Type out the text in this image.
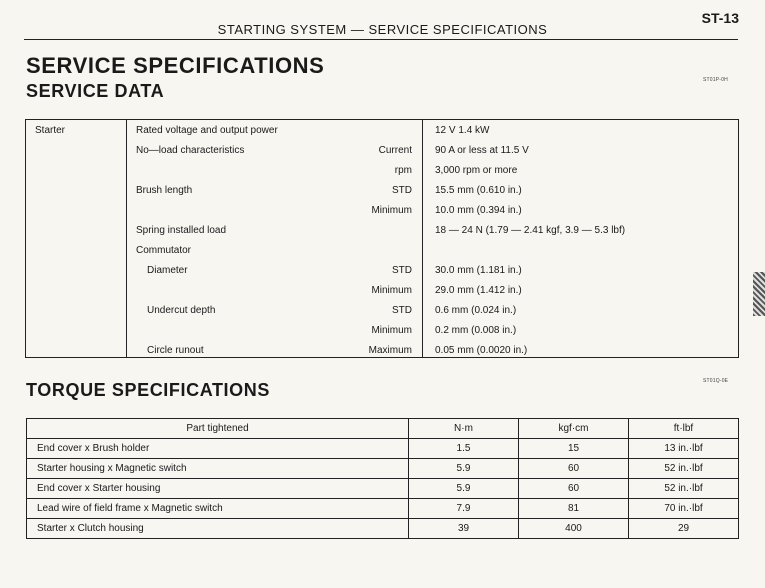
STARTING SYSTEM — SERVICE SPECIFICATIONS
ST-13
SERVICE SPECIFICATIONS
SERVICE DATA
ST01P-0H
Starter	Rated voltage and output power	12 V 1.4 kW
No—load characteristics	Current 90 A or less at 11.5 V
rpm 3,000 rpm or more
Brush length	STD 15.5 mm (0.610 in.)
Minimum 10.0 mm (0.394 in.)
Spring installed load	18 — 24 N (1.79 — 2.41 kgf, 3.9 — 5.3 lbf)
Commutator
Diameter	STD 30.0 mm (1.181 in.)
Minimum 29.0 mm (1.412 in.)
Undercut depth	STD 0.6 mm (0.024 in.)
Minimum 0.2 mm (0.008 in.)
Circle runout	Maximum 0.05 mm (0.0020 in.)
TORQUE SPECIFICATIONS	ST01Q-0E
Part tightened	N·m	kgf·cm	ft·lbf
End cover x Brush holder	1.5	15	13 in.·lbf
Starter housing x Magnetic switch	5.9	60	52 in.·lbf
End cover x Starter housing	5.9	60	52 in.·lbf
Lead wire of field frame x Magnetic switch	7.9	81	70 in.·lbf
Starter x Clutch housing	39	400	29
